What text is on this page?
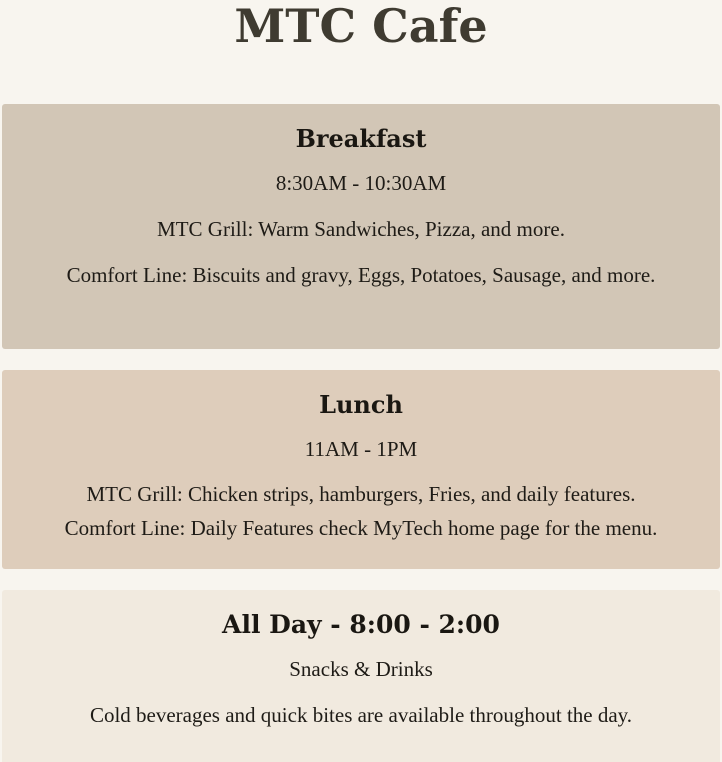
MTC Cafe
Breakfast

8:30AM - 10:30AM

MTC Grill: Warm Sandwiches, Pizza, and more.

Comfort Line: Biscuits and gravy, Eggs, Potatoes, Sausage, and more.

Lunch

11AM - 1PM

MTC Grill: Chicken strips, hamburgers, Fries, and daily features.

Comfort Line: Daily Features check MyTech home page for the menu.

All Day - 8:00 - 2:00

Snacks & Drinks

Cold beverages and quick bites are available throughout the day.
